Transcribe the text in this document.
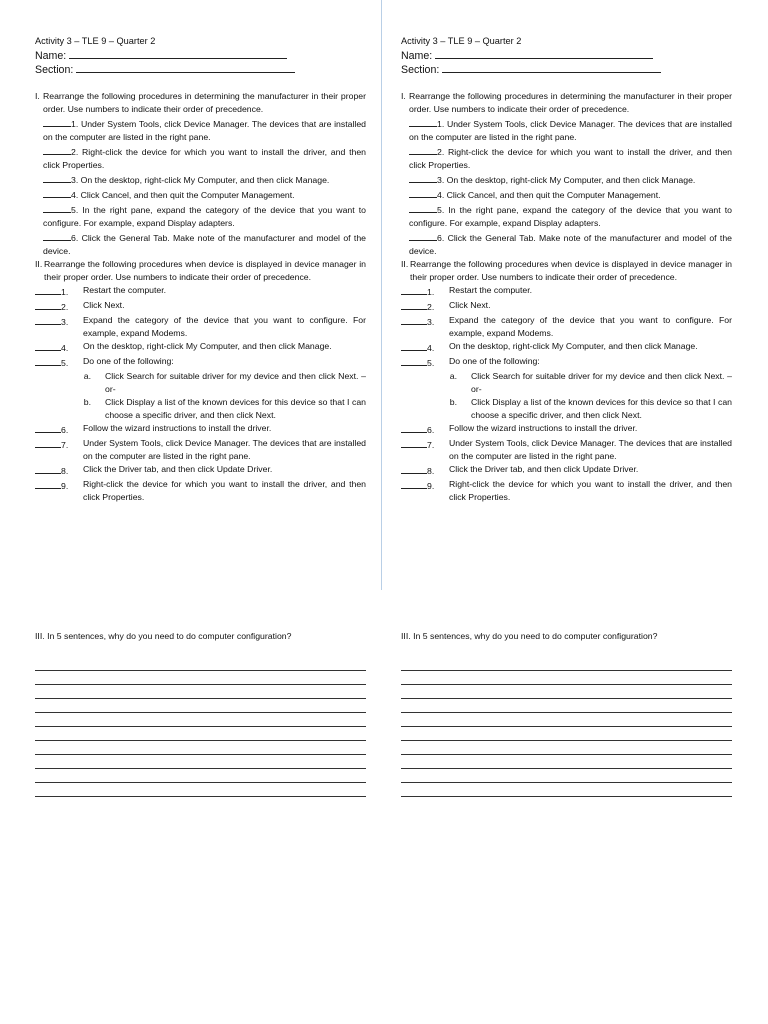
Activity 3 – TLE 9 – Quarter 2
Name:
Section:
I. Rearrange the following procedures in determining the manufacturer in their proper order. Use numbers to indicate their order of precedence.
1. Under System Tools, click Device Manager. The devices that are installed on the computer are listed in the right pane.
2. Right-click the device for which you want to install the driver, and then click Properties.
3. On the desktop, right-click My Computer, and then click Manage.
4. Click Cancel, and then quit the Computer Management.
5. In the right pane, expand the category of the device that you want to configure. For example, expand Display adapters.
6. Click the General Tab. Make note of the manufacturer and model of the device.
II. Rearrange the following procedures when device is displayed in device manager in their proper order. Use numbers to indicate their order of precedence.
1.	Restart the computer.
2.	Click Next.
3.	Expand the category of the device that you want to configure. For example, expand Modems.
4.	On the desktop, right-click My Computer, and then click Manage.
5.	Do one of the following:
a.	Click Search for suitable driver for my device and then click Next. –or-
b.	Click Display a list of the known devices for this device so that I can choose a specific driver, and then click Next.
6.	Follow the wizard instructions to install the driver.
7.	Under System Tools, click Device Manager. The devices that are installed on the computer are listed in the right pane.
8.	Click the Driver tab, and then click Update Driver.
9.	Right-click the device for which you want to install the driver, and then click Properties.
Activity 3 – TLE 9 – Quarter 2
Name:
Section:
I. Rearrange the following procedures in determining the manufacturer in their proper order. Use numbers to indicate their order of precedence.
1. Under System Tools, click Device Manager. The devices that are installed on the computer are listed in the right pane.
2. Right-click the device for which you want to install the driver, and then click Properties.
3. On the desktop, right-click My Computer, and then click Manage.
4. Click Cancel, and then quit the Computer Management.
5. In the right pane, expand the category of the device that you want to configure. For example, expand Display adapters.
6. Click the General Tab. Make note of the manufacturer and model of the device.
II. Rearrange the following procedures when device is displayed in device manager in their proper order. Use numbers to indicate their order of precedence.
1.	Restart the computer.
2.	Click Next.
3.	Expand the category of the device that you want to configure. For example, expand Modems.
4.	On the desktop, right-click My Computer, and then click Manage.
5.	Do one of the following:
a.	Click Search for suitable driver for my device and then click Next. –or-
b.	Click Display a list of the known devices for this device so that I can choose a specific driver, and then click Next.
6.	Follow the wizard instructions to install the driver.
7.	Under System Tools, click Device Manager. The devices that are installed on the computer are listed in the right pane.
8.	Click the Driver tab, and then click Update Driver.
9.	Right-click the device for which you want to install the driver, and then click Properties.
III. In 5 sentences, why do you need to do computer configuration?	III. In 5 sentences, why do you need to do computer configuration?
